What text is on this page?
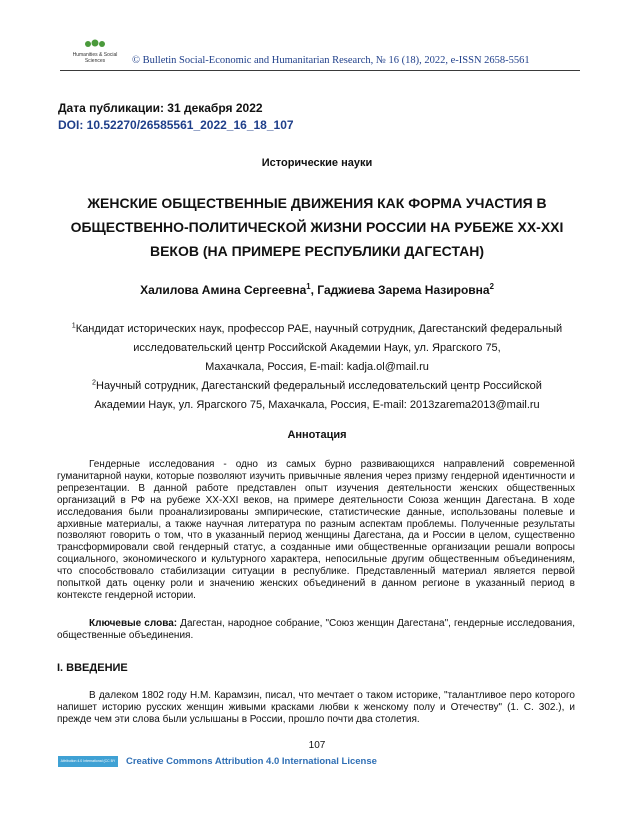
Humanities & Social
Sciences	© Bulletin Social-Economic and Humanitarian Research, № 16 (18), 2022, e-ISSN 2658-5561
Дата публикации: 31 декабря 2022
DOI: 10.52270/26585561_2022_16_18_107
Исторические науки
ЖЕНСКИЕ ОБЩЕСТВЕННЫЕ ДВИЖЕНИЯ КАК ФОРМА УЧАСТИЯ В
ОБЩЕСТВЕННО-ПОЛИТИЧЕСКОЙ ЖИЗНИ РОССИИ НА РУБЕЖЕ XX-XXI
ВЕКОВ (НА ПРИМЕРЕ РЕСПУБЛИКИ ДАГЕСТАН)
Халилова Амина Сергеевна$^1$, Гаджиева Зарема Назировна$^2$
$^1$Кандидат исторических наук, профессор РАЕ, научный сотрудник, Дагестанский федеральный
исследовательский центр Российской Академии Наук, ул. Ярагского 75,
Махачкала, Россия, E-mail: kadja.ol@mail.ru
$^2$Научный сотрудник, Дагестанский федеральный исследовательский центр Российской
Академии Наук, ул. Ярагского 75, Махачкала, Россия, E-mail: 2013zarema2013@mail.ru
Аннотация

Гендерные исследования - одно из самых бурно развивающихся направлений современной гуманитарной науки, которые позволяют изучить привычные явления через призму гендерной идентичности и репрезентации. В данной работе представлен опыт изучения деятельности женских общественных организаций в РФ на рубеже XX-XXI веков, на примере деятельности Союза женщин Дагестана. В ходе исследования были проанализированы эмпирические, статистические данные, использованы полевые и архивные материалы, а также научная литература по разным аспектам проблемы. Полученные результаты позволяют говорить о том, что в указанный период женщины Дагестана, да и России в целом, существенно трансформировали свой гендерный статус, а созданные ими общественные организации решали вопросы социального, экономического и культурного характера, непосильные другим общественным объединениям, что способствовало стабилизации ситуации в республике. Представленный материал является первой попыткой дать оценку роли и значению женских объединений в данном регионе в указанный период в контексте гендерной истории.

Ключевые слова: Дагестан, народное собрание, "Союз женщин Дагестана", гендерные исследования, общественные объединения.

I. ВВЕДЕНИЕ

В далеком 1802 году Н.М. Карамзин, писал, что мечтает о таком историке, "талантливое перо которого напишет историю русских женщин живыми красками любви к женскому полу и Отечеству" (1. С. 302.), и прежде чем эти слова были услышаны в России, прошло почти два столетия.

107
Attribution 4.0 International (CC BY 4.0)
Creative Commons Attribution 4.0 International License
